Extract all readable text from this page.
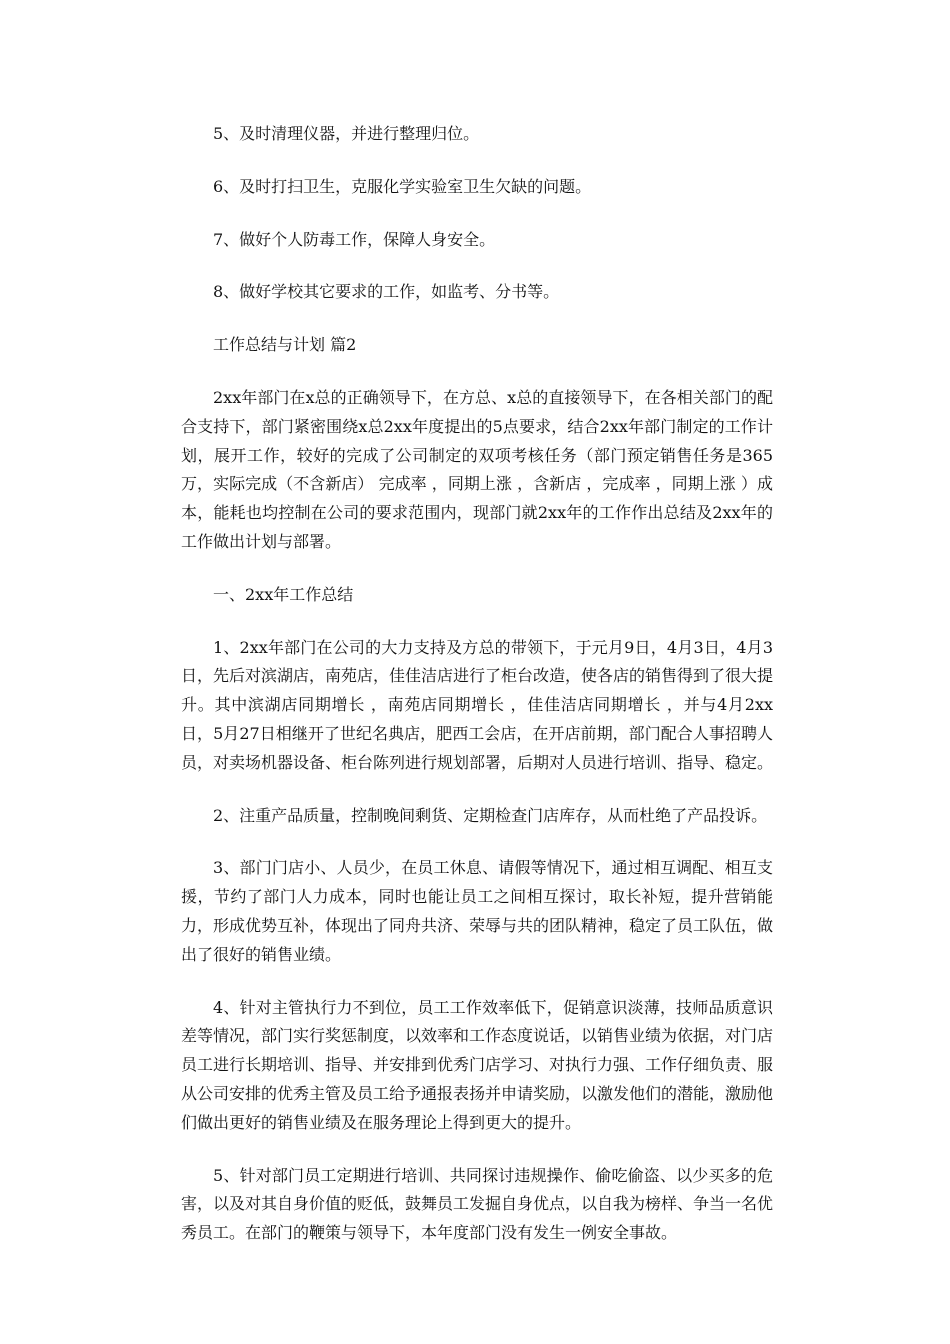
5、及时清理仪器，并进行整理归位。

6、及时打扫卫生，克服化学实验室卫生欠缺的问题。

7、做好个人防毒工作，保障人身安全。

8、做好学校其它要求的工作，如监考、分书等。

工作总结与计划 篇2

2xx年部门在x总的正确领导下，在方总、x总的直接领导下，在各相关部门的配合支持下，部门紧密围绕x总2xx年度提出的5点要求，结合2xx年部门制定的工作计划，展开工作，较好的完成了公司制定的双项考核任务（部门预定销售任务是365万，实际完成（不含新店） 完成率 ，同期上涨 ，含新店 ，完成率 ，同期上涨 ）成本，能耗也均控制在公司的要求范围内，现部门就2xx年的工作作出总结及2xx年的工作做出计划与部署。

一、2xx年工作总结

1、2xx年部门在公司的大力支持及方总的带领下，于元月9日，4月3日，4月3日，先后对滨湖店，南苑店，佳佳洁店进行了柜台改造，使各店的销售得到了很大提升。其中滨湖店同期增长 ，南苑店同期增长 ，佳佳洁店同期增长 ，并与4月2xx日，5月27日相继开了世纪名典店，肥西工会店，在开店前期，部门配合人事招聘人员，对卖场机器设备、柜台陈列进行规划部署，后期对人员进行培训、指导、稳定。

2、注重产品质量，控制晚间剩货、定期检查门店库存，从而杜绝了产品投诉。

3、部门门店小、人员少，在员工休息、请假等情况下，通过相互调配、相互支援，节约了部门人力成本，同时也能让员工之间相互探讨，取长补短，提升营销能力，形成优势互补，体现出了同舟共济、荣辱与共的团队精神，稳定了员工队伍，做出了很好的销售业绩。

4、针对主管执行力不到位，员工工作效率低下，促销意识淡薄，技师品质意识差等情况，部门实行奖惩制度，以效率和工作态度说话，以销售业绩为依据，对门店员工进行长期培训、指导、并安排到优秀门店学习、对执行力强、工作仔细负责、服从公司安排的优秀主管及员工给予通报表扬并申请奖励，以激发他们的潜能，激励他们做出更好的销售业绩及在服务理论上得到更大的提升。

5、针对部门员工定期进行培训、共同探讨违规操作、偷吃偷盗、以少买多的危害，以及对其自身价值的贬低，鼓舞员工发掘自身优点，以自我为榜样、争当一名优秀员工。在部门的鞭策与领导下，本年度部门没有发生一例安全事故。
